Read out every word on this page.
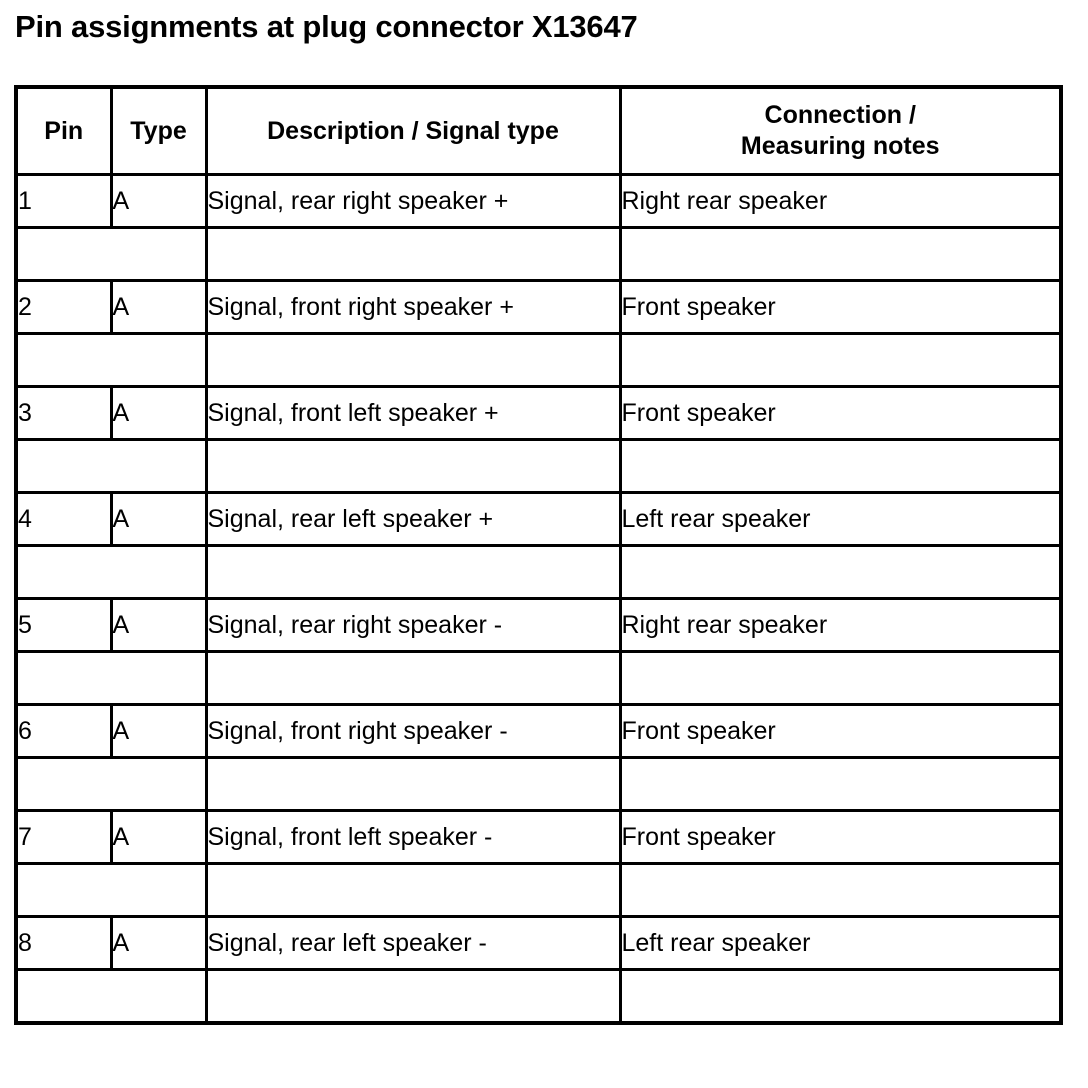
Pin assignments at plug connector X13647
Pin	Type	Description / Signal type	Connection /
Measuring notes

1	A	Signal, rear right speaker +	Right rear speaker

2	A	Signal, front right speaker +	Front speaker

3	A	Signal, front left speaker +	Front speaker

4	A	Signal, rear left speaker +	Left rear speaker

5	A	Signal, rear right speaker -	Right rear speaker

6	A	Signal, front right speaker -	Front speaker

7	A	Signal, front left speaker -	Front speaker

8	A	Signal, rear left speaker -	Left rear speaker
